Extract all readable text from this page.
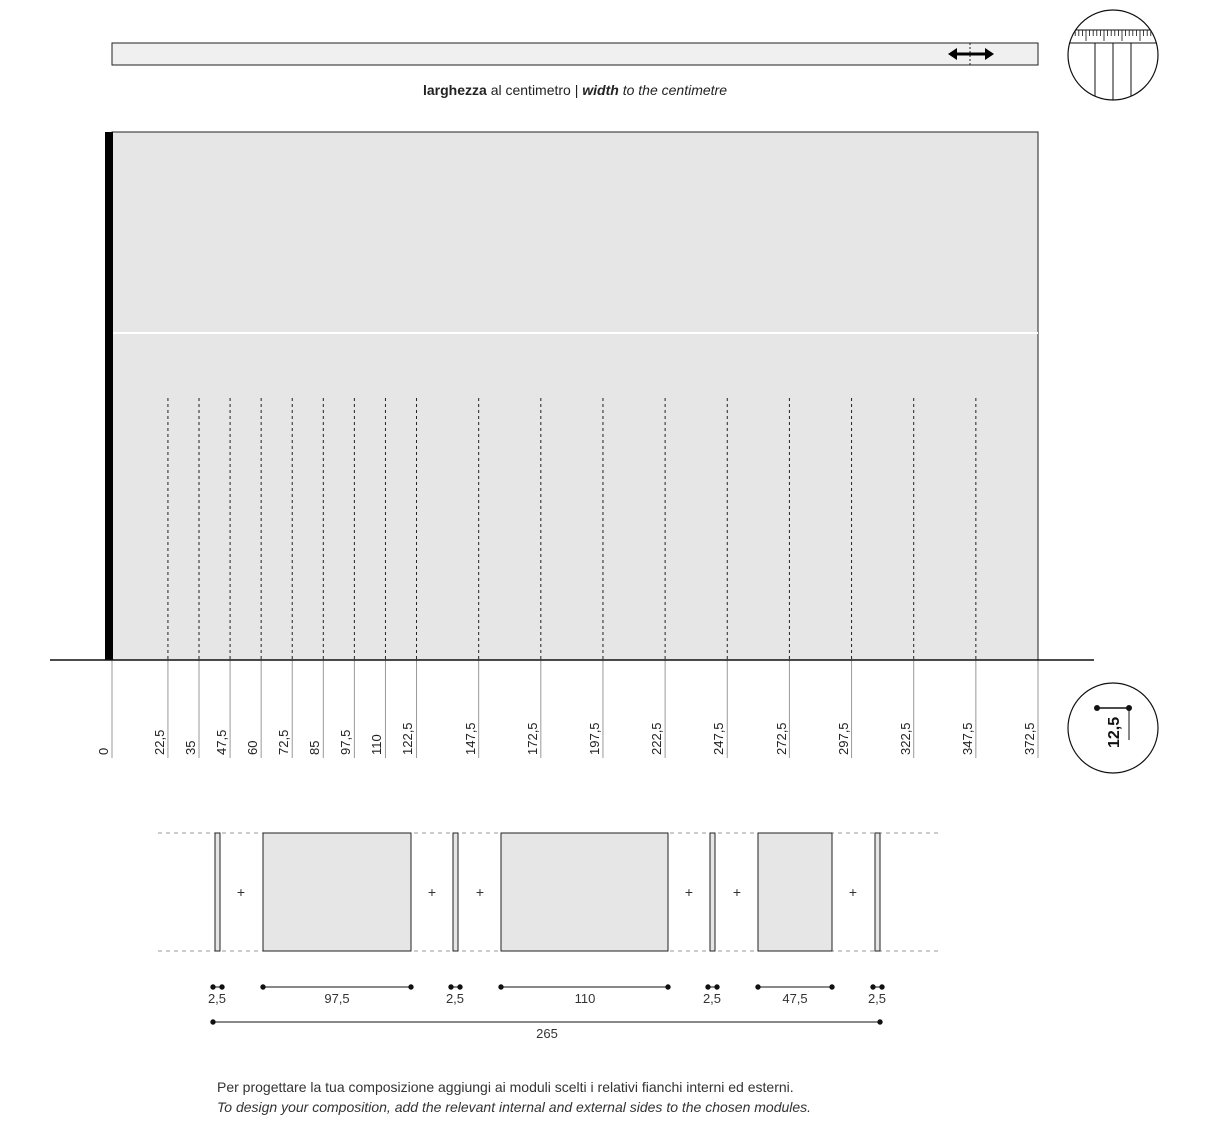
0	22,5 35 47,5 60 72,5 85 97,5 110 122,5	147,5	172,5	197,5	222,5	247,5	272,5	297,5	322,5	347,5	372,5	12,5
+	+	+	+	+	+
2,5	97,5	2,5	110	2,5	47,5	2,5
265
larghezza al centimetro | width to the centimetre
Per progettare la tua composizione aggiungi ai moduli scelti i relativi fianchi interni ed esterni.
To design your composition, add the relevant internal and external sides to the chosen modules.
